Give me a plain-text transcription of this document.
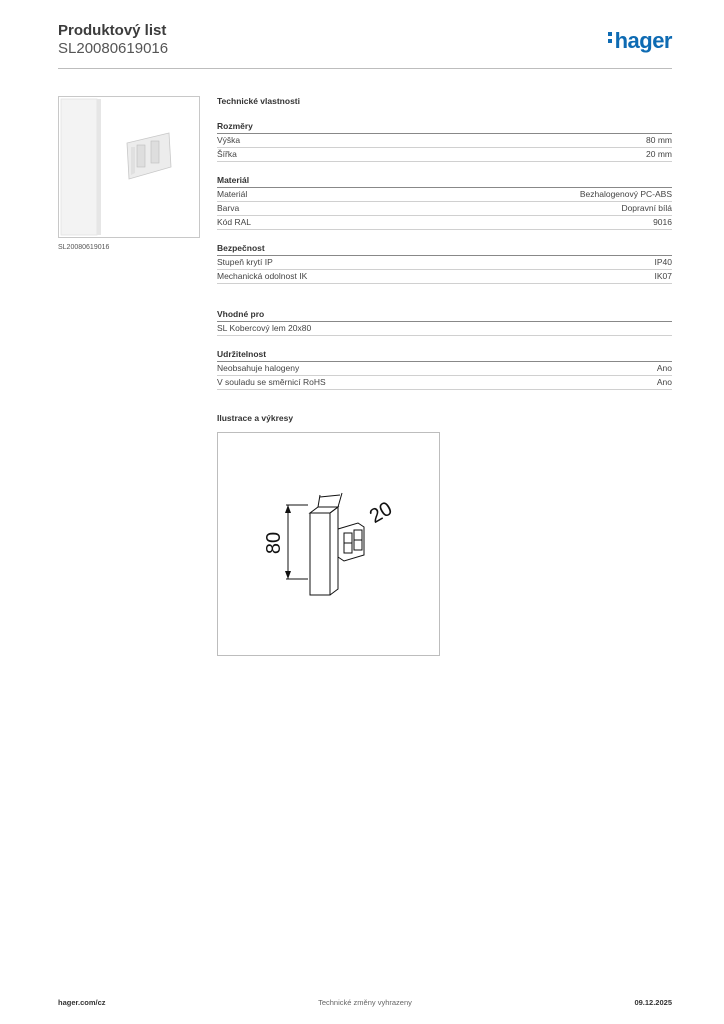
Produktový list
SL20080619016	hager
SL20080619016
Technické vlastnosti
Rozměry
Výška	80 mm
Šířka	20 mm
Materiál
Materiál	Bezhalogenový PC-ABS
Barva	Dopravní bílá
Kód RAL	9016
Bezpečnost
Stupeň krytí IP	IP40
Mechanická odolnost IK	IK07
Vhodné pro
SL Kobercový lem 20x80
Udržitelnost
Neobsahuje halogeny	Ano
V souladu se směrnicí RoHS	Ano
Ilustrace a výkresy
80
20
hager.com/cz	Technické změny vyhrazeny	09.12.2025
